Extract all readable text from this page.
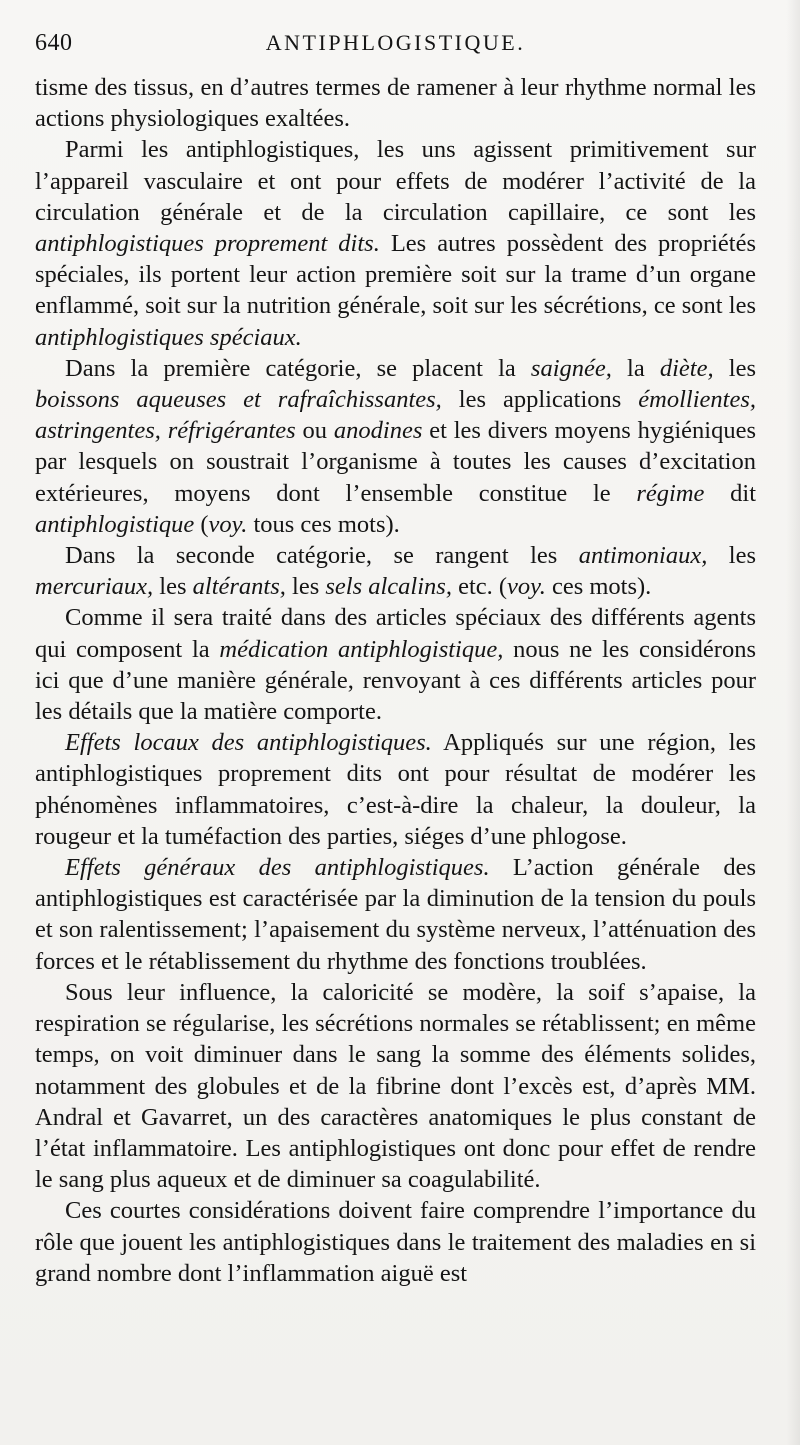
640	ANTIPHLOGISTIQUE.

tisme des tissus, en d’autres termes de ramener à leur rhythme normal les actions physiologiques exaltées.

Parmi les antiphlogistiques, les uns agissent primitivement sur l’appareil vasculaire et ont pour effets de modérer l’activité de la circulation générale et de la circulation capillaire, ce sont les antiphlogistiques proprement dits. Les autres possèdent des propriétés spéciales, ils portent leur action première soit sur la trame d’un organe enflammé, soit sur la nutrition générale, soit sur les sécrétions, ce sont les antiphlogistiques spéciaux.

Dans la première catégorie, se placent la saignée, la diète, les boissons aqueuses et rafraîchissantes, les applications émollientes, astringentes, réfrigérantes ou anodines et les divers moyens hygiéniques par lesquels on soustrait l’organisme à toutes les causes d’excitation extérieures, moyens dont l’ensemble constitue le régime dit antiphlogistique (voy. tous ces mots).

Dans la seconde catégorie, se rangent les antimoniaux, les mercuriaux, les altérants, les sels alcalins, etc. (voy. ces mots).

Comme il sera traité dans des articles spéciaux des différents agents qui composent la médication antiphlogistique, nous ne les considérons ici que d’une manière générale, renvoyant à ces différents articles pour les détails que la matière comporte.

Effets locaux des antiphlogistiques. Appliqués sur une région, les antiphlogistiques proprement dits ont pour résultat de modérer les phénomènes inflammatoires, c’est-à-dire la chaleur, la douleur, la rougeur et la tuméfaction des parties, siéges d’une phlogose.

Effets généraux des antiphlogistiques. L’action générale des antiphlogistiques est caractérisée par la diminution de la tension du pouls et son ralentissement; l’apaisement du système nerveux, l’atténuation des forces et le rétablissement du rhythme des fonctions troublées.

Sous leur influence, la caloricité se modère, la soif s’apaise, la respiration se régularise, les sécrétions normales se rétablissent; en même temps, on voit diminuer dans le sang la somme des éléments solides, notamment des globules et de la fibrine dont l’excès est, d’après MM. Andral et Gavarret, un des caractères anatomiques le plus constant de l’état inflammatoire. Les antiphlogistiques ont donc pour effet de rendre le sang plus aqueux et de diminuer sa coagulabilité.

Ces courtes considérations doivent faire comprendre l’importance du rôle que jouent les antiphlogistiques dans le traitement des maladies en si grand nombre dont l’inflammation aiguë est
